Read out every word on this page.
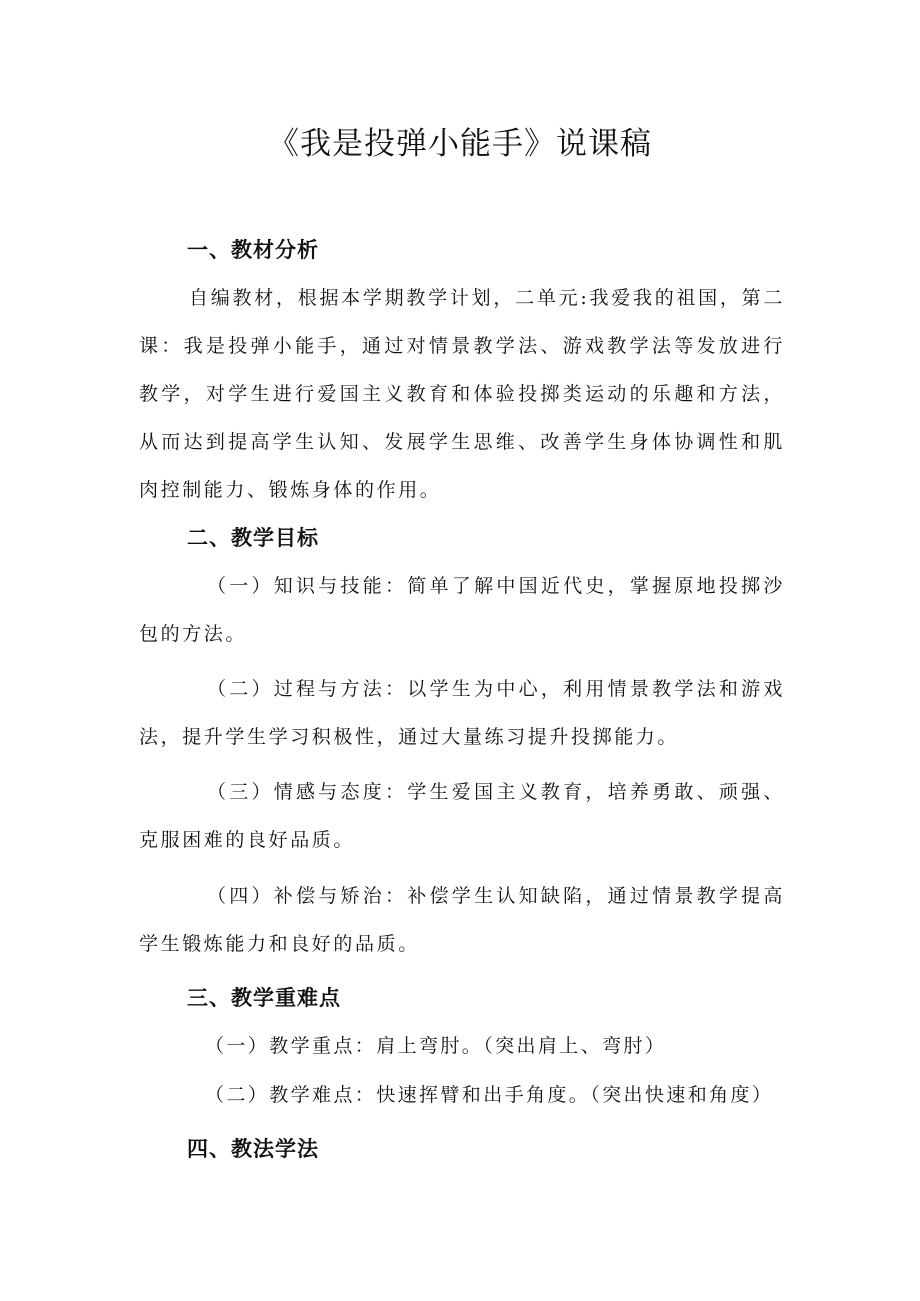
《我是投弹小能手》说课稿
一、教材分析
自编教材，根据本学期教学计划，二单元:我爱我的祖国，第二课：我是投弹小能手，通过对情景教学法、游戏教学法等发放进行教学，对学生进行爱国主义教育和体验投掷类运动的乐趣和方法，从而达到提高学生认知、发展学生思维、改善学生身体协调性和肌肉控制能力、锻炼身体的作用。
二、教学目标
（一）知识与技能：简单了解中国近代史，掌握原地投掷沙包的方法。
（二）过程与方法：以学生为中心，利用情景教学法和游戏法，提升学生学习积极性，通过大量练习提升投掷能力。
（三）情感与态度：学生爱国主义教育，培养勇敢、顽强、克服困难的良好品质。
（四）补偿与矫治：补偿学生认知缺陷，通过情景教学提高学生锻炼能力和良好的品质。
三、教学重难点
（一）教学重点：肩上弯肘。（突出肩上、弯肘）
（二）教学难点：快速挥臂和出手角度。（突出快速和角度）
四、教法学法
